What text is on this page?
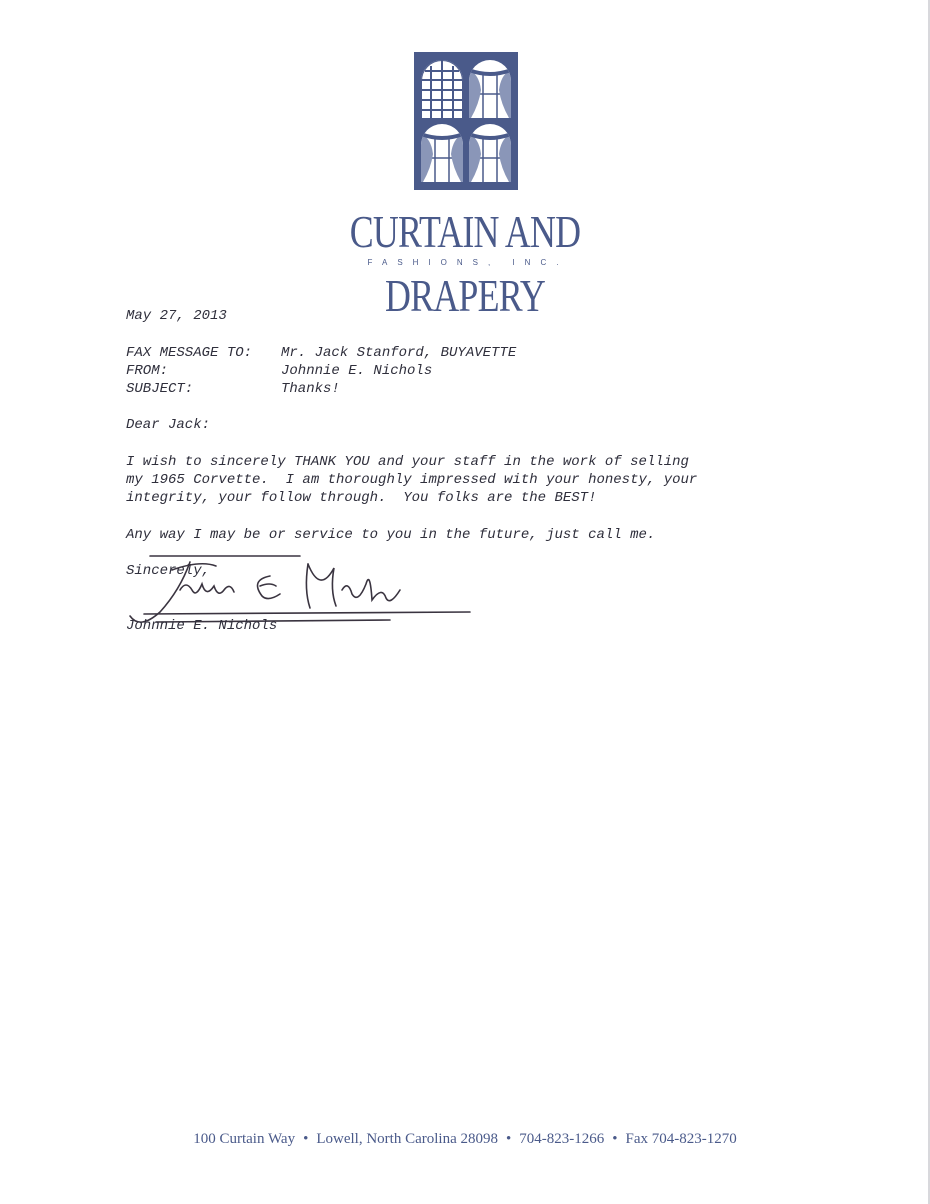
CURTAIN AND DRAPERY
FASHIONS, INC.
May 27, 2013
FAX MESSAGE TO: Mr. Jack Stanford, BUYAVETTE
FROM:	Johnnie E. Nichols
SUBJECT:	Thanks!
Dear Jack:
I wish to sincerely THANK YOU and your staff in the work of selling
my 1965 Corvette.  I am thoroughly impressed with your honesty, your
integrity, your follow through.  You folks are the BEST!
Any way I may be or service to you in the future, just call me.
Sincerely,
Johnnie E. Nichols
100 Curtain Way • Lowell, North Carolina 28098 • 704-823-1266 • Fax 704-823-1270
